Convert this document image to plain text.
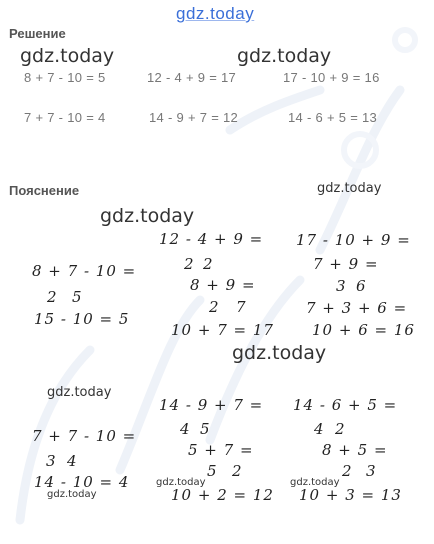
gdz.today
Решение
gdz.today	gdz.today
8 + 7 - 10 = 5	12 - 4 + 9 = 17	17 - 10 + 9 = 16
7 + 7 - 10 = 4	14 - 9 + 7 = 12	14 - 6 + 5 = 13
Пояснение	gdz.today
gdz.today
8 + 7 - 10 =
2 5
15 - 10 = 5
12 - 4 + 9 =
2 2
8 + 9 =
2 7
10 + 7 = 17
17 - 10 + 9 =
7 + 9 =
3 6
7 + 3 + 6 =
10 + 6 = 16
gdz.today
gdz.today
7 + 7 - 10 =
3 4
14 - 10 = 4
gdz.today
14 - 9 + 7 =
4 5
5 + 7 =
5 2
gdz.today
10 + 2 = 12
14 - 6 + 5 =
4 2
8 + 5 =
2 3
gdz.today
10 + 3 = 13
